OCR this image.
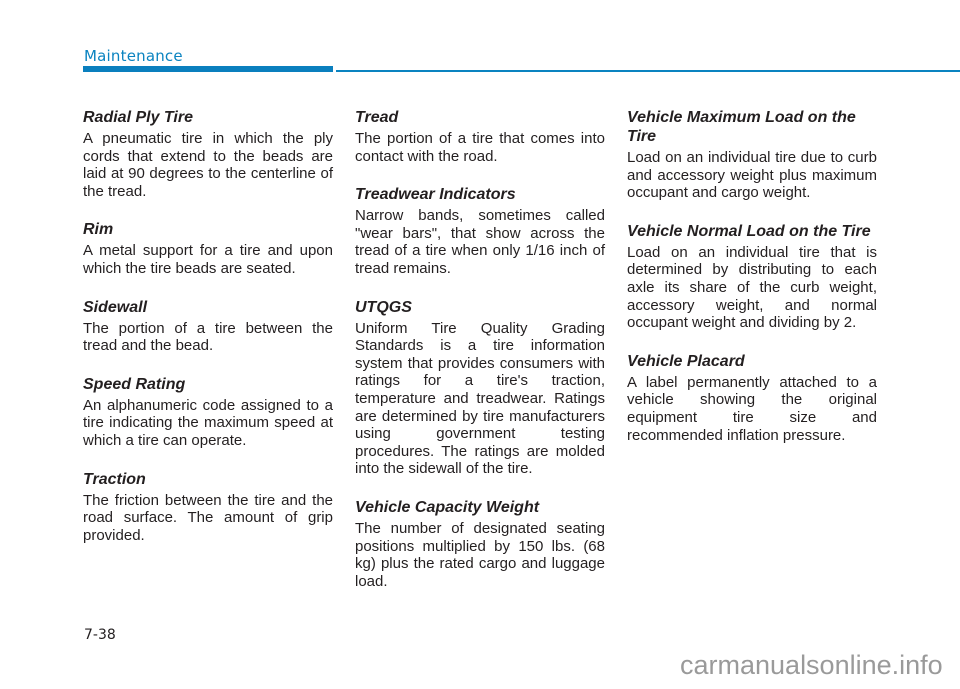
Maintenance
Radial Ply Tire

A pneumatic tire in which the ply cords that extend to the beads are laid at 90 degrees to the centerline of the tread.

Rim

A metal support for a tire and upon which the tire beads are seated.

Sidewall

The portion of a tire between the tread and the bead.

Speed Rating

An alphanumeric code assigned to a tire indicating the maximum speed at which a tire can operate.

Traction

The friction between the tire and the road surface. The amount of grip provided.

Tread

The portion of a tire that comes into contact with the road.

Treadwear Indicators

Narrow bands, sometimes called "wear bars", that show across the tread of a tire when only 1/16 inch of tread remains.

UTQGS

Uniform Tire Quality Grading Standards is a tire information system that provides consumers with ratings for a tire's traction, temperature and treadwear. Ratings are determined by tire manufacturers using government testing procedures. The ratings are molded into the sidewall of the tire.

Vehicle Capacity Weight

The number of designated seating positions multiplied by 150 lbs. (68 kg) plus the rated cargo and luggage load.

Vehicle Maximum Load on the Tire

Load on an individual tire due to curb and accessory weight plus maximum occupant and cargo weight.

Vehicle Normal Load on the Tire

Load on an individual tire that is determined by distributing to each axle its share of the curb weight, accessory weight, and normal occupant weight and dividing by 2.

Vehicle Placard

A label permanently attached to a vehicle showing the original equipment tire size and recommended inflation pressure.

7-38
carmanualsonline.info
